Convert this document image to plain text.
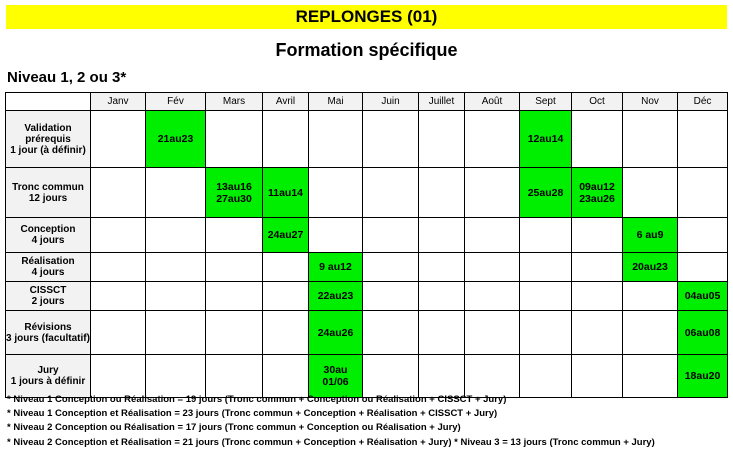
REPLONGES (01)
Formation spécifique
Niveau 1, 2 ou 3*
	Janv	Fév	Mars	Avril	Mai	Juin	Juillet	Août	Sept	Oct	Nov	Déc

Validation
prérequis
1 jour (à définir)		21au23							12au14			

Tronc commun
12 jours			13au16
27au30	11au14					25au28	09au12
23au26		

Conception
4 jours				24au27							6 au9	

Réalisation
4 jours					9 au12						20au23	

CISSCT
2 jours					22au23							04au05

Révisions
3 jours (facultatif)					24au26							06au08

Jury
1 jours à définir					30au 01/06							18au20
* Niveau 1 Conception ou Réalisation = 19 jours (Tronc commun + Conception ou Réalisation + CISSCT + Jury)
* Niveau 1 Conception et Réalisation = 23 jours (Tronc commun + Conception + Réalisation + CISSCT + Jury)
* Niveau 2 Conception ou Réalisation = 17 jours (Tronc commun + Conception ou Réalisation + Jury)
* Niveau 2 Conception et Réalisation = 21 jours (Tronc commun + Conception + Réalisation + Jury) * Niveau 3 = 13 jours (Tronc commun + Jury)
